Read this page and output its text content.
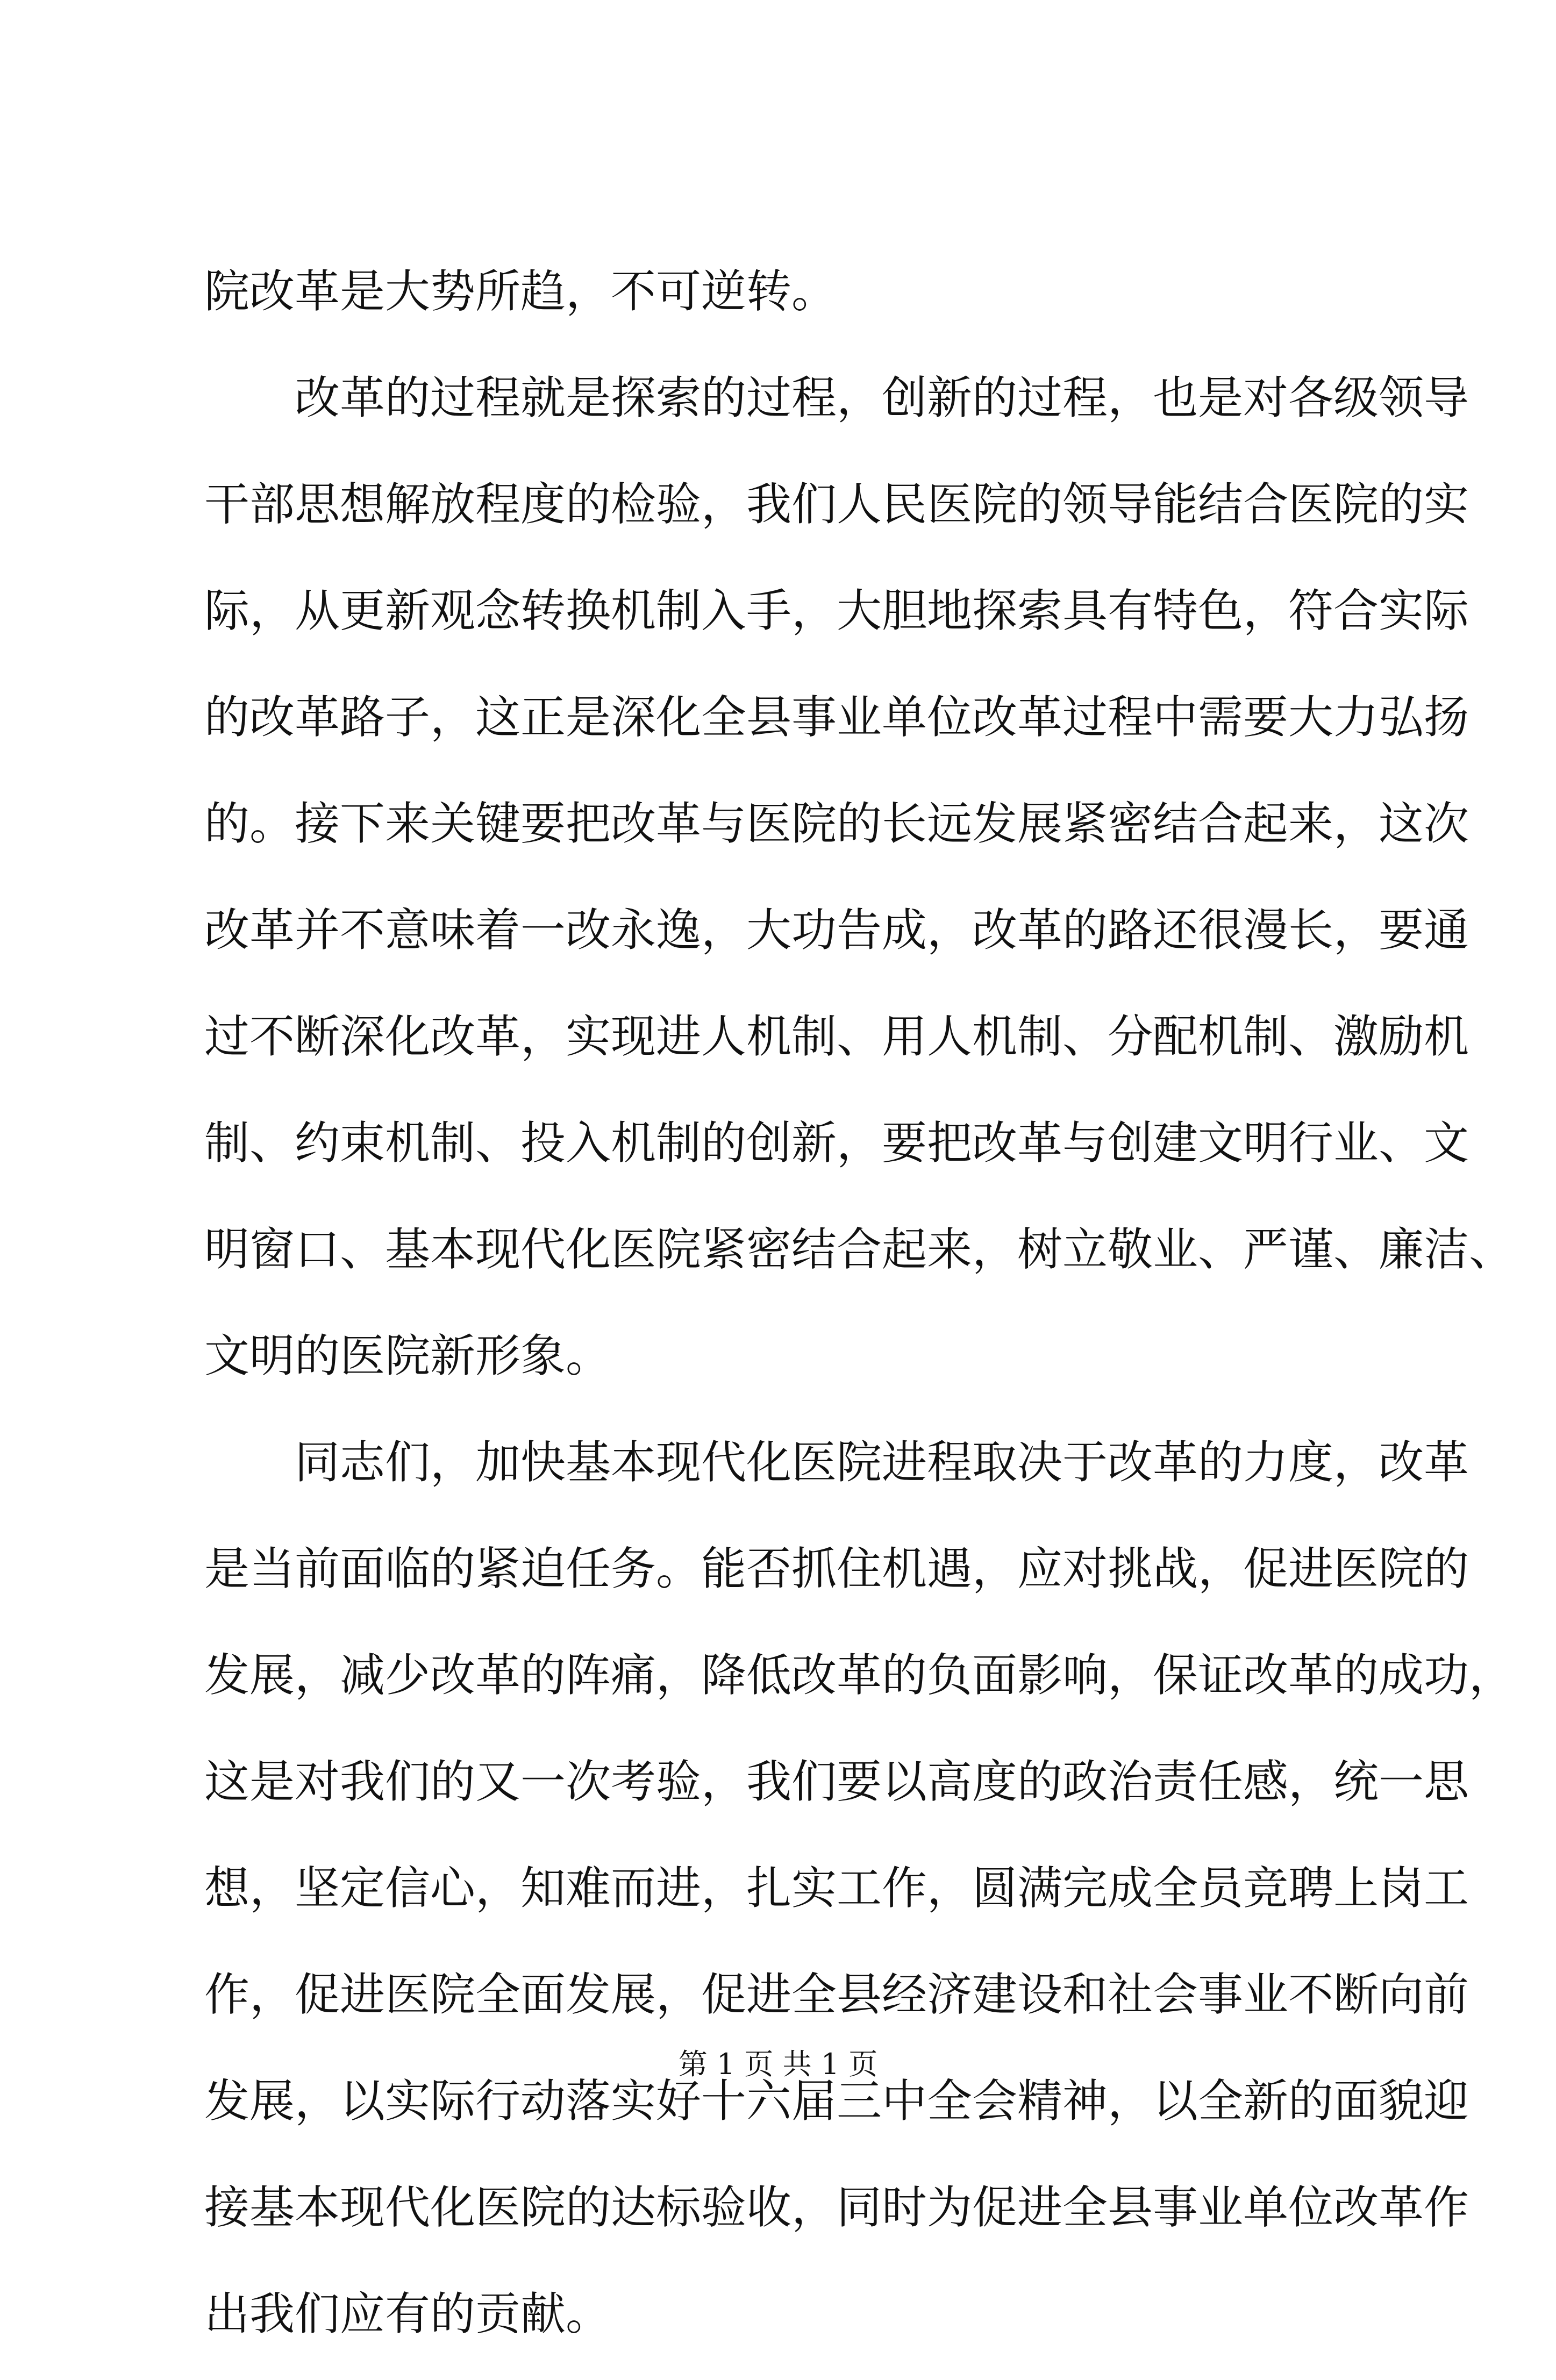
院改革是大势所趋，不可逆转。
改革的过程就是探索的过程，创新的过程，也是对各级领导
干部思想解放程度的检验，我们人民医院的领导能结合医院的实
际，从更新观念转换机制入手，大胆地探索具有特色，符合实际
的改革路子，这正是深化全县事业单位改革过程中需要大力弘扬
的。接下来关键要把改革与医院的长远发展紧密结合起来，这次
改革并不意味着一改永逸，大功告成，改革的路还很漫长，要通
过不断深化改革，实现进人机制、用人机制、分配机制、激励机
制、约束机制、投入机制的创新，要把改革与创建文明行业、文
明窗口、基本现代化医院紧密结合起来，树立敬业、严谨、廉洁、
文明的医院新形象。
同志们，加快基本现代化医院进程取决于改革的力度，改革
是当前面临的紧迫任务。能否抓住机遇，应对挑战，促进医院的
发展，减少改革的阵痛，降低改革的负面影响，保证改革的成功，
这是对我们的又一次考验，我们要以高度的政治责任感，统一思
想，坚定信心，知难而进，扎实工作，圆满完成全员竞聘上岗工
作，促进医院全面发展，促进全县经济建设和社会事业不断向前
发展，以实际行动落实好十六届三中全会精神，以全新的面貌迎
接基本现代化医院的达标验收，同时为促进全县事业单位改革作
出我们应有的贡献。
第 1 页 共 1 页
